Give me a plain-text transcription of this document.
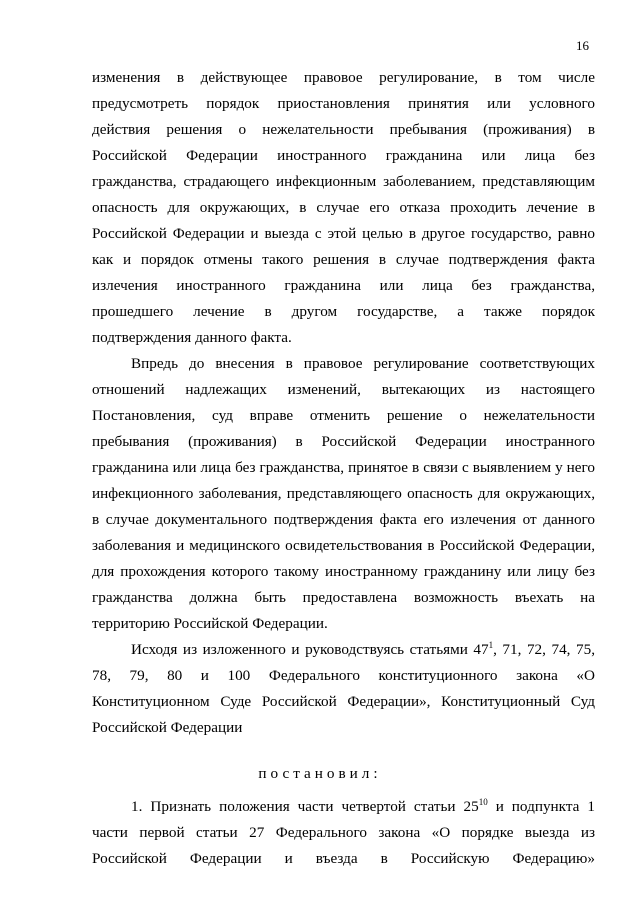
16
изменения в действующее правовое регулирование, в том числе
предусмотреть порядок приостановления принятия или условного
действия решения о нежелательности пребывания (проживания) в
Российской Федерации иностранного гражданина или лица без
гражданства, страдающего инфекционным заболеванием, представляющим
опасность для окружающих, в случае его отказа проходить лечение в
Российской Федерации и выезда с этой целью в другое государство, равно
как и порядок отмены такого решения в случае подтверждения факта
излечения иностранного гражданина или лица без гражданства,
прошедшего лечение в другом государстве, а также порядок
подтверждения данного факта.
Впредь до внесения в правовое регулирование соответствующих
отношений надлежащих изменений, вытекающих из настоящего
Постановления, суд вправе отменить решение о нежелательности
пребывания (проживания) в Российской Федерации иностранного
гражданина или лица без гражданства, принятое в связи с выявлением у него
инфекционного заболевания, представляющего опасность для окружающих,
в случае документального подтверждения факта его излечения от данного
заболевания и медицинского освидетельствования в Российской Федерации,
для прохождения которого такому иностранному гражданину или лицу без
гражданства должна быть предоставлена возможность въехать на
территорию Российской Федерации.
Исходя из изложенного и руководствуясь статьями $47^1$, 71, 72, 74, 75,
78, 79, 80 и 100 Федерального конституционного закона «О
Конституционном Суде Российской Федерации», Конституционный Суд
Российской Федерации
постановил:
1. Признать положения части четвертой статьи $25^{10}$ и подпункта 1
части первой статьи 27 Федерального закона «О порядке выезда из
Российской Федерации и въезда в Российскую Федерацию»
